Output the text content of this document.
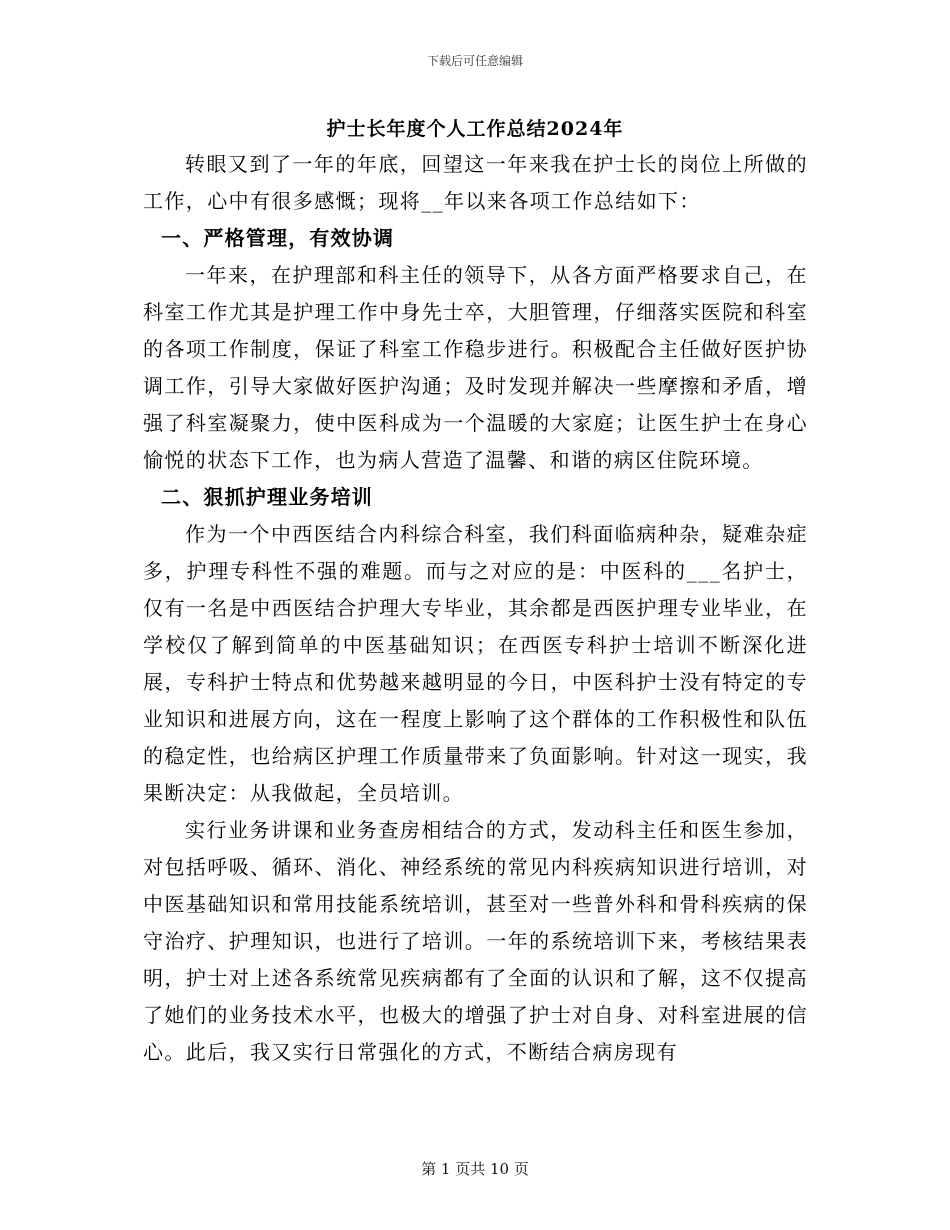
下载后可任意编辑
护士长年度个人工作总结2024年

转眼又到了一年的年底，回望这一年来我在护士长的岗位上所做的工作，心中有很多感慨；现将__年以来各项工作总结如下：

一、严格管理，有效协调

一年来，在护理部和科主任的领导下，从各方面严格要求自己，在科室工作尤其是护理工作中身先士卒，大胆管理，仔细落实医院和科室的各项工作制度，保证了科室工作稳步进行。积极配合主任做好医护协调工作，引导大家做好医护沟通；及时发现并解决一些摩擦和矛盾，增强了科室凝聚力，使中医科成为一个温暖的大家庭；让医生护士在身心愉悦的状态下工作，也为病人营造了温馨、和谐的病区住院环境。

二、狠抓护理业务培训

作为一个中西医结合内科综合科室，我们科面临病种杂，疑难杂症多，护理专科性不强的难题。而与之对应的是：中医科的___名护士，仅有一名是中西医结合护理大专毕业，其余都是西医护理专业毕业，在学校仅了解到简单的中医基础知识；在西医专科护士培训不断深化进展，专科护士特点和优势越来越明显的今日，中医科护士没有特定的专业知识和进展方向，这在一程度上影响了这个群体的工作积极性和队伍的稳定性，也给病区护理工作质量带来了负面影响。针对这一现实，我果断决定：从我做起，全员培训。

实行业务讲课和业务查房相结合的方式，发动科主任和医生参加，对包括呼吸、循环、消化、神经系统的常见内科疾病知识进行培训，对中医基础知识和常用技能系统培训，甚至对一些普外科和骨科疾病的保守治疗、护理知识，也进行了培训。一年的系统培训下来，考核结果表明，护士对上述各系统常见疾病都有了全面的认识和了解，这不仅提高了她们的业务技术水平，也极大的增强了护士对自身、对科室进展的信心。此后，我又实行日常强化的方式，不断结合病房现有

第 1 页共 10 页
